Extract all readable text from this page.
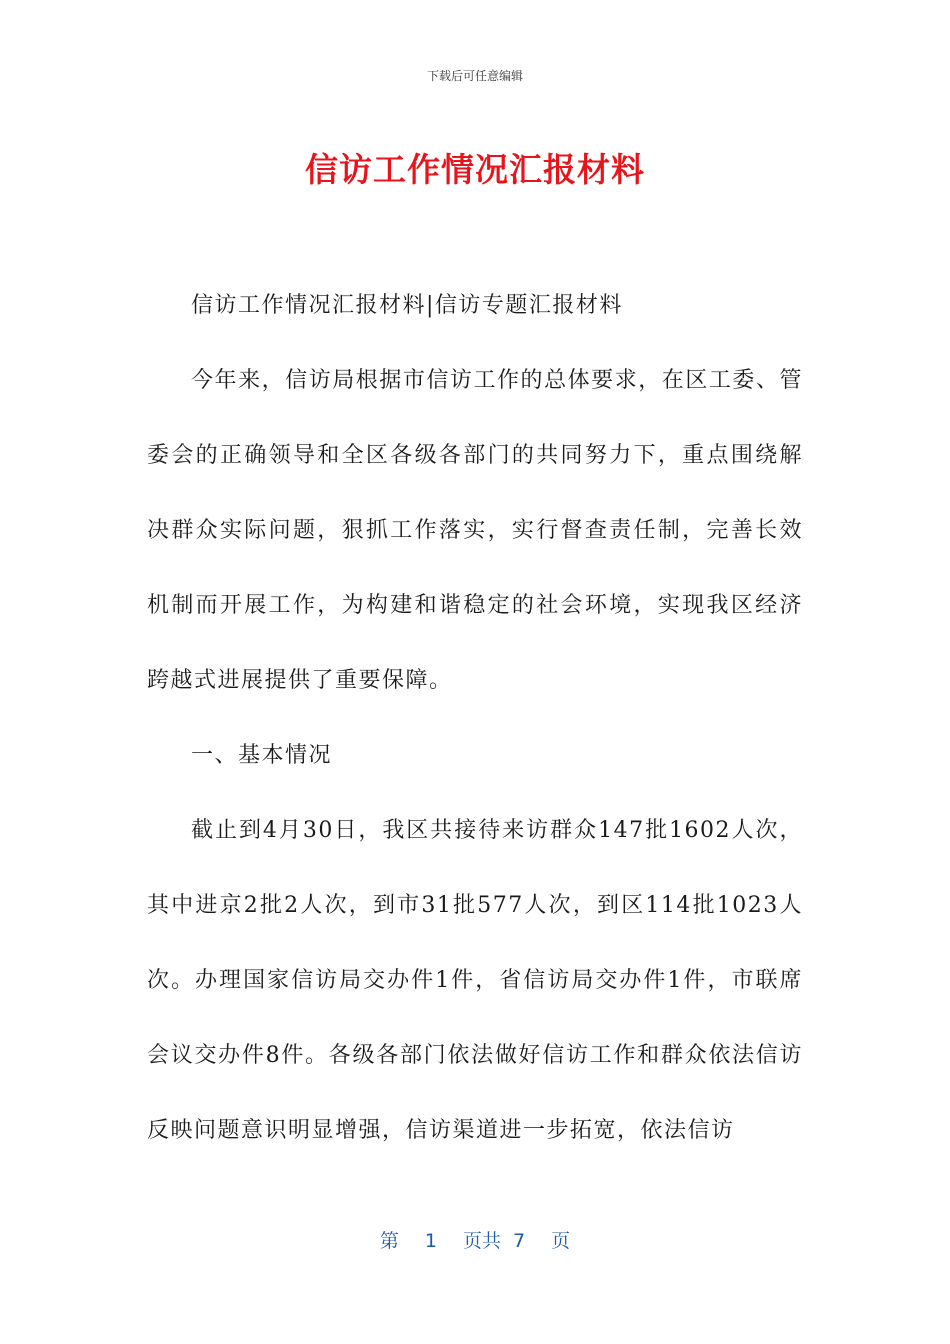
下载后可任意编辑
信访工作情况汇报材料

信访工作情况汇报材料|信访专题汇报材料

今年来，信访局根据市信访工作的总体要求，在区工委、管委会的正确领导和全区各级各部门的共同努力下，重点围绕解决群众实际问题，狠抓工作落实，实行督查责任制，完善长效机制而开展工作，为构建和谐稳定的社会环境，实现我区经济跨越式进展提供了重要保障。

一、基本情况

截止到4月30日，我区共接待来访群众147批1602人次，其中进京2批2人次，到市31批577人次，到区114批1023人次。办理国家信访局交办件1件，省信访局交办件1件，市联席会议交办件8件。各级各部门依法做好信访工作和群众依法信访反映问题意识明显增强，信访渠道进一步拓宽，依法信访

第 1 页共 7 页
